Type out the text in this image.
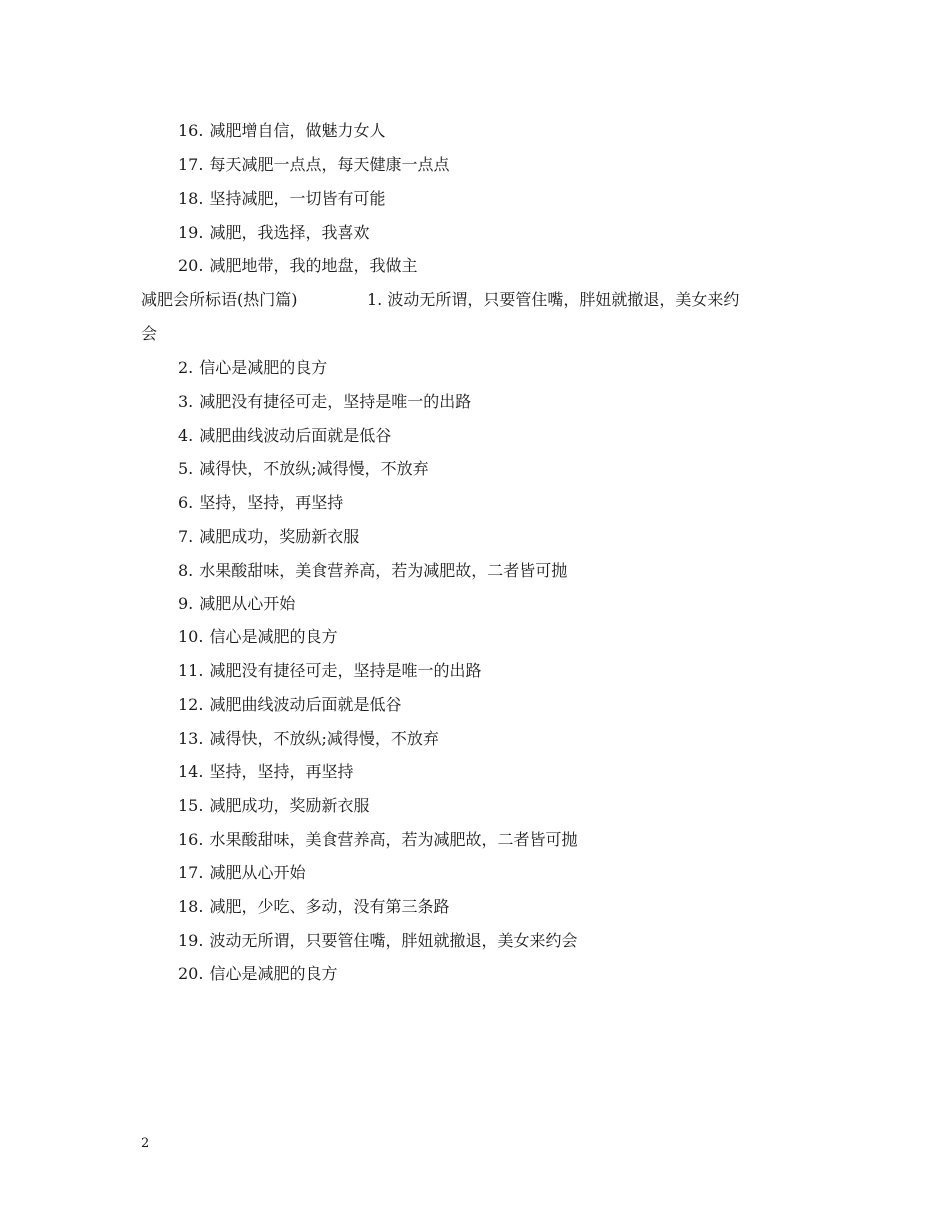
16. 减肥增自信，做魅力女人
17. 每天减肥一点点，每天健康一点点
18. 坚持减肥，一切皆有可能
19. 减肥，我选择，我喜欢
20. 减肥地带，我的地盘，我做主
减肥会所标语(热门篇)	1. 波动无所谓，只要管住嘴，胖妞就撤退，美女来约
会
2. 信心是减肥的良方
3. 减肥没有捷径可走，坚持是唯一的出路
4. 减肥曲线波动后面就是低谷
5. 减得快，不放纵;减得慢，不放弃
6. 坚持，坚持，再坚持
7. 减肥成功，奖励新衣服
8. 水果酸甜味，美食营养高，若为减肥故，二者皆可抛
9. 减肥从心开始
10. 信心是减肥的良方
11. 减肥没有捷径可走，坚持是唯一的出路
12. 减肥曲线波动后面就是低谷
13. 减得快，不放纵;减得慢，不放弃
14. 坚持，坚持，再坚持
15. 减肥成功，奖励新衣服
16. 水果酸甜味，美食营养高，若为减肥故，二者皆可抛
17. 减肥从心开始
18. 减肥，少吃、多动，没有第三条路
19. 波动无所谓，只要管住嘴，胖妞就撤退，美女来约会
20. 信心是减肥的良方
2
